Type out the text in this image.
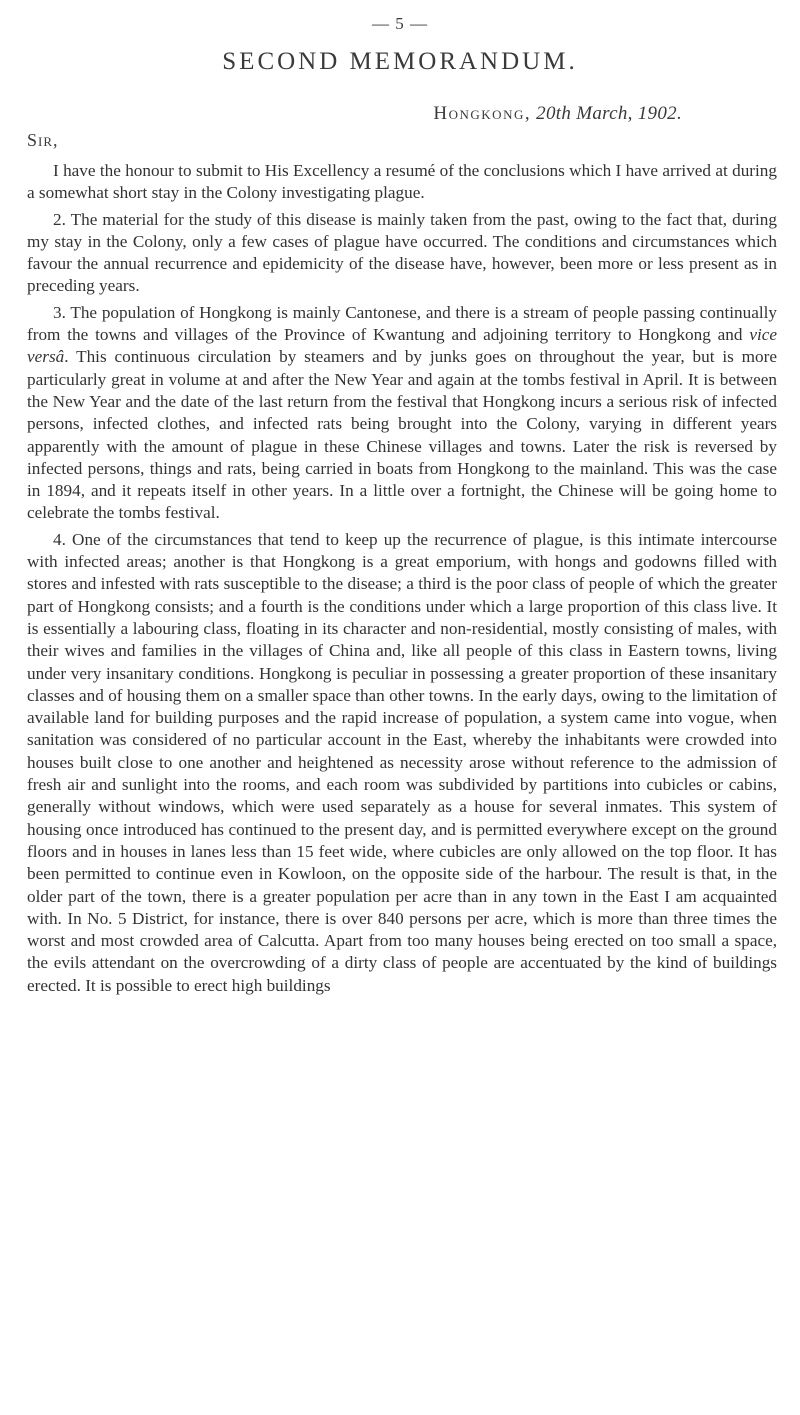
— 5 —
SECOND MEMORANDUM.
Hongkong, 20th March, 1902.
Sir,

I have the honour to submit to His Excellency a resumé of the conclusions which I have arrived at during a somewhat short stay in the Colony investigating plague.

2. The material for the study of this disease is mainly taken from the past, owing to the fact that, during my stay in the Colony, only a few cases of plague have occurred. The conditions and circumstances which favour the annual recurrence and epidemicity of the disease have, however, been more or less present as in preceding years.

3. The population of Hongkong is mainly Cantonese, and there is a stream of people passing continually from the towns and villages of the Province of Kwantung and adjoining territory to Hongkong and vice versâ. This continuous circulation by steamers and by junks goes on throughout the year, but is more particularly great in volume at and after the New Year and again at the tombs festival in April. It is between the New Year and the date of the last return from the festival that Hongkong incurs a serious risk of infected persons, infected clothes, and infected rats being brought into the Colony, varying in different years apparently with the amount of plague in these Chinese villages and towns. Later the risk is reversed by infected persons, things and rats, being carried in boats from Hongkong to the mainland. This was the case in 1894, and it repeats itself in other years. In a little over a fortnight, the Chinese will be going home to celebrate the tombs festival.

4. One of the circumstances that tend to keep up the recurrence of plague, is this intimate intercourse with infected areas; another is that Hongkong is a great emporium, with hongs and godowns filled with stores and infested with rats susceptible to the disease; a third is the poor class of people of which the greater part of Hongkong consists; and a fourth is the conditions under which a large proportion of this class live. It is essentially a labouring class, floating in its character and non-residential, mostly consisting of males, with their wives and families in the villages of China and, like all people of this class in Eastern towns, living under very insanitary conditions. Hongkong is peculiar in possessing a greater proportion of these insanitary classes and of housing them on a smaller space than other towns. In the early days, owing to the limitation of available land for building purposes and the rapid increase of population, a system came into vogue, when sanitation was considered of no particular account in the East, whereby the inhabitants were crowded into houses built close to one another and heightened as necessity arose without reference to the admission of fresh air and sunlight into the rooms, and each room was subdivided by partitions into cubicles or cabins, generally without windows, which were used separately as a house for several inmates. This system of housing once introduced has continued to the present day, and is permitted everywhere except on the ground floors and in houses in lanes less than 15 feet wide, where cubicles are only allowed on the top floor. It has been permitted to continue even in Kowloon, on the opposite side of the harbour. The result is that, in the older part of the town, there is a greater population per acre than in any town in the East I am acquainted with. In No. 5 District, for instance, there is over 840 persons per acre, which is more than three times the worst and most crowded area of Calcutta. Apart from too many houses being erected on too small a space, the evils attendant on the overcrowding of a dirty class of people are accentuated by the kind of buildings erected. It is possible to erect high buildings
